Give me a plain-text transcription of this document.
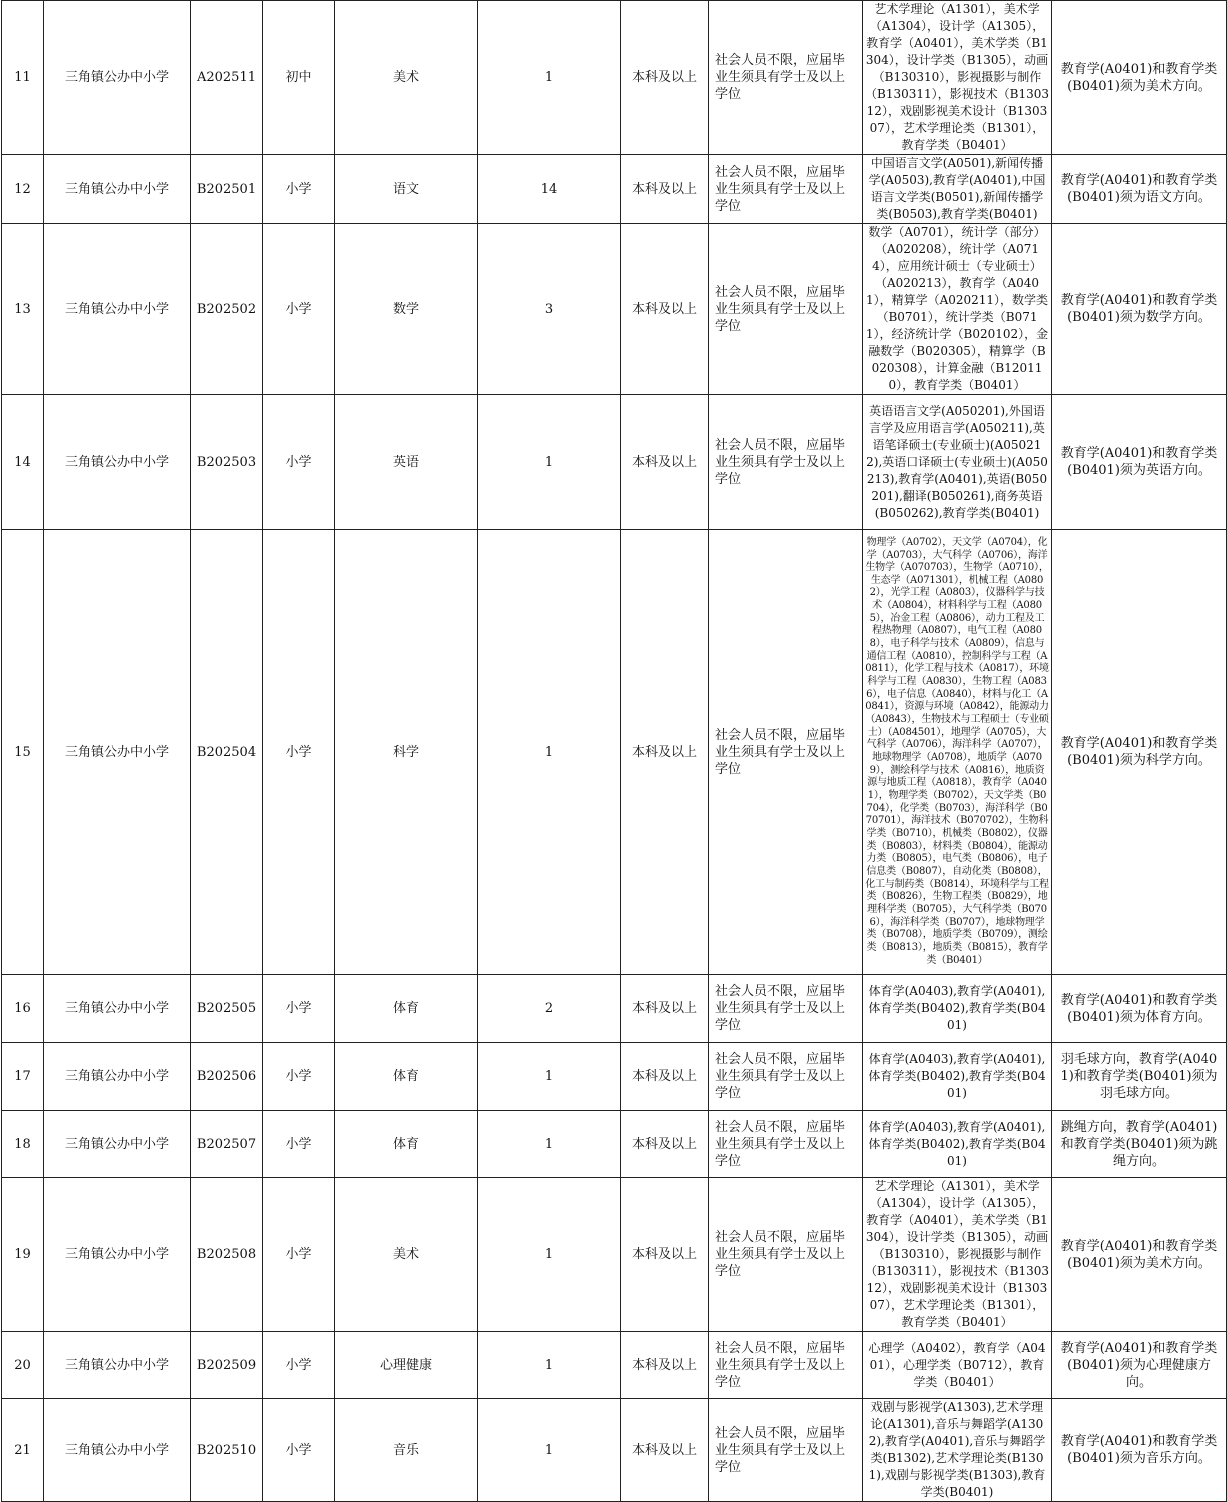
11	三角镇公办中小学	A202511	初中	美术	1	本科及以上	社会人员不限，应届毕业生须具有学士及以上学位	艺术学理论（A1301），美术学（A1304），设计学（A1305），教育学（A0401），美术学类（B1304），设计学类（B1305），动画（B130310），影视摄影与制作（B130311），影视技术（B130312），戏剧影视美术设计（B130307），艺术学理论类（B1301），教育学类（B0401）	教育学(A0401)和教育学类(B0401)须为美术方向。
12	三角镇公办中小学	B202501	小学	语文	14	本科及以上	社会人员不限，应届毕业生须具有学士及以上学位	中国语言文学(A0501),新闻传播学(A0503),教育学(A0401),中国语言文学类(B0501),新闻传播学类(B0503),教育学类(B0401)	教育学(A0401)和教育学类(B0401)须为语文方向。
13	三角镇公办中小学	B202502	小学	数学	3	本科及以上	社会人员不限，应届毕业生须具有学士及以上学位	数学（A0701），统计学（部分）（A020208），统计学（A0714），应用统计硕士（专业硕士）（A020213），教育学（A0401），精算学（A020211），数学类（B0701），统计学类（B0711），经济统计学（B020102），金融数学（B020305），精算学（B020308），计算金融（B120110），教育学类（B0401）	教育学(A0401)和教育学类(B0401)须为数学方向。
14	三角镇公办中小学	B202503	小学	英语	1	本科及以上	社会人员不限，应届毕业生须具有学士及以上学位	英语语言文学(A050201),外国语言学及应用语言学(A050211),英语笔译硕士(专业硕士)(A050212),英语口译硕士(专业硕士)(A050213),教育学(A0401),英语(B050201),翻译(B050261),商务英语(B050262),教育学类(B0401)	教育学(A0401)和教育学类(B0401)须为英语方向。
15	三角镇公办中小学	B202504	小学	科学	1	本科及以上	社会人员不限，应届毕业生须具有学士及以上学位	物理学（A0702），天文学（A0704），化学（A0703），大气科学（A0706），海洋生物学（A070703），生物学（A0710），生态学（A071301），机械工程（A0802），光学工程（A0803），仪器科学与技术（A0804），材料科学与工程（A0805），冶金工程（A0806），动力工程及工程热物理（A0807），电气工程（A0808），电子科学与技术（A0809），信息与通信工程（A0810），控制科学与工程（A0811），化学工程与技术（A0817），环境科学与工程（A0830），生物工程（A0836），电子信息（A0840），材料与化工（A0841），资源与环境（A0842），能源动力（A0843），生物技术与工程硕士（专业硕士）（A084501），地理学（A0705），大气科学（A0706），海洋科学（A0707），地球物理学（A0708），地质学（A0709），测绘科学与技术（A0816），地质资源与地质工程（A0818），教育学（A0401），物理学类（B0702），天文学类（B0704），化学类（B0703），海洋科学（B070701），海洋技术（B070702），生物科学类（B0710），机械类（B0802），仪器类（B0803），材料类（B0804），能源动力类（B0805），电气类（B0806），电子信息类（B0807），自动化类（B0808），化工与制药类（B0814），环境科学与工程类（B0826），生物工程类（B0829），地理科学类（B0705），大气科学类（B0706），海洋科学类（B0707），地球物理学类（B0708），地质学类（B0709），测绘类（B0813），地质类（B0815），教育学类（B0401）	教育学(A0401)和教育学类(B0401)须为科学方向。
16	三角镇公办中小学	B202505	小学	体育	2	本科及以上	社会人员不限，应届毕业生须具有学士及以上学位	体育学(A0403),教育学(A0401),体育学类(B0402),教育学类(B0401)	教育学(A0401)和教育学类(B0401)须为体育方向。
17	三角镇公办中小学	B202506	小学	体育	1	本科及以上	社会人员不限，应届毕业生须具有学士及以上学位	体育学(A0403),教育学(A0401),体育学类(B0402),教育学类(B0401)	羽毛球方向，教育学(A0401)和教育学类(B0401)须为羽毛球方向。
18	三角镇公办中小学	B202507	小学	体育	1	本科及以上	社会人员不限，应届毕业生须具有学士及以上学位	体育学(A0403),教育学(A0401),体育学类(B0402),教育学类(B0401)	跳绳方向，教育学(A0401)和教育学类(B0401)须为跳绳方向。
19	三角镇公办中小学	B202508	小学	美术	1	本科及以上	社会人员不限，应届毕业生须具有学士及以上学位	艺术学理论（A1301），美术学（A1304），设计学（A1305），教育学（A0401），美术学类（B1304），设计学类（B1305），动画（B130310），影视摄影与制作（B130311），影视技术（B130312），戏剧影视美术设计（B130307），艺术学理论类（B1301），教育学类（B0401）	教育学(A0401)和教育学类(B0401)须为美术方向。
20	三角镇公办中小学	B202509	小学	心理健康	1	本科及以上	社会人员不限，应届毕业生须具有学士及以上学位	心理学（A0402），教育学（A0401），心理学类（B0712），教育学类（B0401）	教育学(A0401)和教育学类(B0401)须为心理健康方向。
21	三角镇公办中小学	B202510	小学	音乐	1	本科及以上	社会人员不限，应届毕业生须具有学士及以上学位	戏剧与影视学(A1303),艺术学理论(A1301),音乐与舞蹈学(A1302),教育学(A0401),音乐与舞蹈学类(B1302),艺术学理论类(B1301),戏剧与影视学类(B1303),教育学类(B0401)	教育学(A0401)和教育学类(B0401)须为音乐方向。
